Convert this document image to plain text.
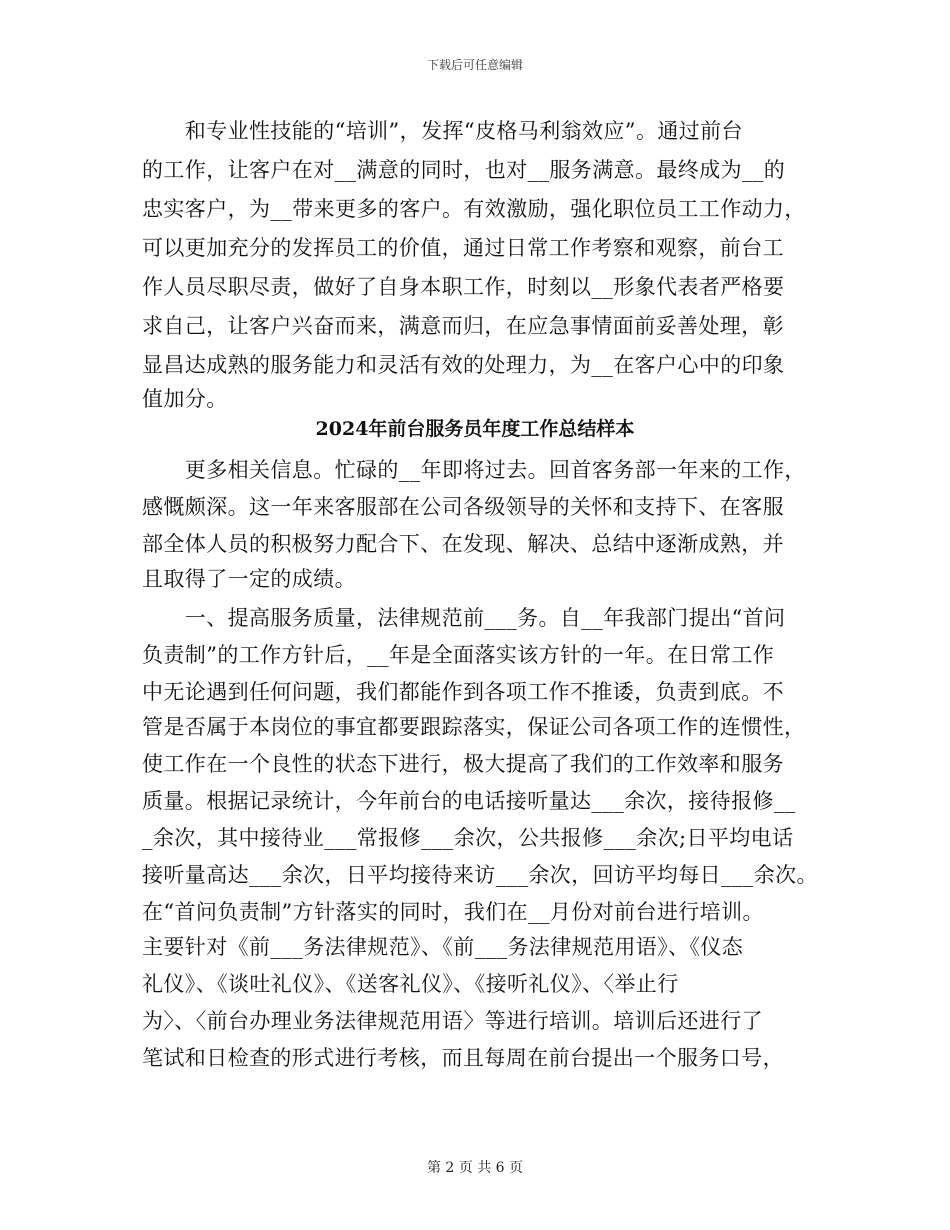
下载后可任意编辑
　　和专业性技能的“培训”，发挥“皮格马利翁效应”。通过前台
的工作，让客户在对__满意的同时，也对__服务满意。最终成为__的
忠实客户，为__带来更多的客户。有效激励，强化职位员工工作动力，
可以更加充分的发挥员工的价值，通过日常工作考察和观察，前台工
作人员尽职尽责，做好了自身本职工作，时刻以__形象代表者严格要
求自己，让客户兴奋而来，满意而归，在应急事情面前妥善处理，彰
显昌达成熟的服务能力和灵活有效的处理力，为__在客户心中的印象
值加分。
2024年前台服务员年度工作总结样本
　　更多相关信息。忙碌的__年即将过去。回首客务部一年来的工作，
感慨颇深。这一年来客服部在公司各级领导的关怀和支持下、在客服
部全体人员的积极努力配合下、在发现、解决、总结中逐渐成熟，并
且取得了一定的成绩。
　　一、提高服务质量，法律规范前___务。自__年我部门提出“首问
负责制”的工作方针后，__年是全面落实该方针的一年。在日常工作
中无论遇到任何问题，我们都能作到各项工作不推诿，负责到底。不
管是否属于本岗位的事宜都要跟踪落实，保证公司各项工作的连惯性，
使工作在一个良性的状态下进行，极大提高了我们的工作效率和服务
质量。根据记录统计，今年前台的电话接听量达___余次，接待报修__
_余次，其中接待业___常报修___余次，公共报修___余次;日平均电话
接听量高达___余次，日平均接待来访___余次，回访平均每日___余次。
在“首问负责制”方针落实的同时，我们在__月份对前台进行培训。
主要针对《前___务法律规范》、《前___务法律规范用语》、《仪态
礼仪》、《谈吐礼仪》、《送客礼仪》、《接听礼仪》、〈举止行
为〉、〈前台办理业务法律规范用语〉等进行培训。培训后还进行了
笔试和日检查的形式进行考核，而且每周在前台提出一个服务口号，
第 2 页 共 6 页
